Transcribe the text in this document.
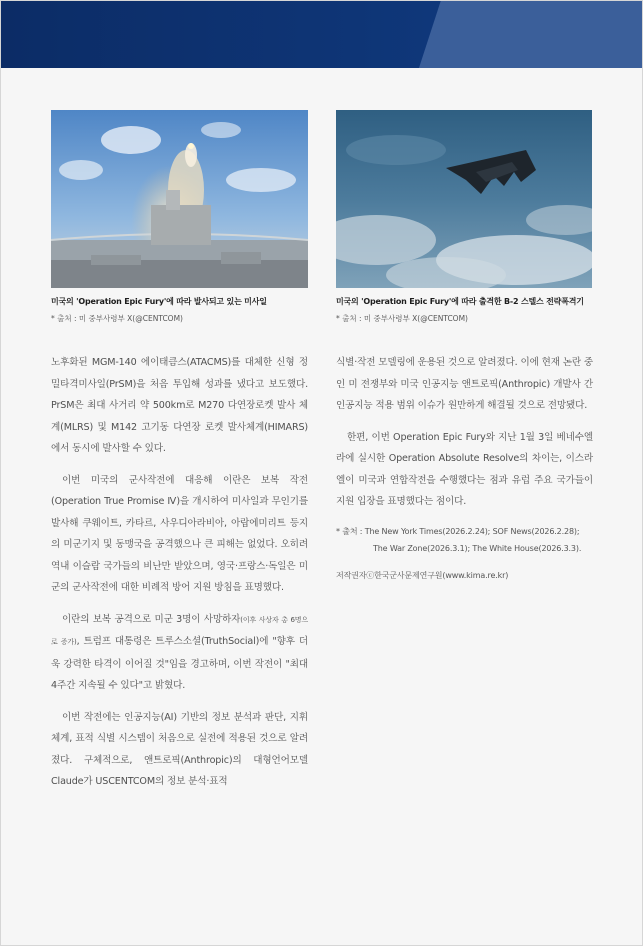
미국의 'Operation Epic Fury'에 따라 발사되고 있는 미사일
* 출처 : 미 중부사령부 X(@CENTCOM)
미국의 'Operation Epic Fury'에 따라 출격한 B-2 스텔스 전략폭격기
* 출처 : 미 중부사령부 X(@CENTCOM)

노후화된 MGM-140 에이태큼스(ATACMS)를 대체한 신형 정밀타격미사일(PrSM)을 처음 투입해 성과를 냈다고 보도했다. PrSM은 최대 사거리 약 500km로 M270 다연장로켓 발사 체계(MLRS) 및 M142 고기동 다연장 로켓 발사체계(HIMARS)에서 동시에 발사할 수 있다.

이번 미국의 군사작전에 대응해 이란은 보복 작전(Operation True Promise Ⅳ)을 개시하여 미사일과 무인기를 발사해 쿠웨이트, 카타르, 사우디아라비아, 아랍에미리트 등지의 미군기지 및 동맹국을 공격했으나 큰 피해는 없었다. 오히려 역내 이슬람 국가들의 비난만 받았으며, 영국·프랑스·독일은 미군의 군사작전에 대한 비례적 방어 지원 방침을 표명했다.

이란의 보복 공격으로 미군 3명이 사망하자(이후 사상자 총 6명으로 증가), 트럼프 대통령은 트루스소셜(TruthSocial)에 "향후 더욱 강력한 타격이 이어질 것"임을 경고하며, 이번 작전이 "최대 4주간 지속될 수 있다"고 밝혔다.

이번 작전에는 인공지능(AI) 기반의 정보 분석과 판단, 지휘 체계, 표적 식별 시스템이 처음으로 실전에 적용된 것으로 알려졌다. 구체적으로, 앤트로픽(Anthropic)의 대형언어모델 Claude가 USCENTCOM의 정보 분석·표적

식별·작전 모델링에 운용된 것으로 알려졌다. 이에 현재 논란 중인 미 전쟁부와 미국 인공지능 앤트로픽(Anthropic) 개발사 간 인공지능 적용 범위 이슈가 원만하게 해결될 것으로 전망됐다.

한편, 이번 Operation Epic Fury와 지난 1월 3일 베네수엘라에 실시한 Operation Absolute Resolve의 차이는, 이스라엘이 미국과 연합작전을 수행했다는 점과 유럽 주요 국가들이 지원 입장을 표명했다는 점이다.

* 출처 : The New York Times(2026.2.24); SOF News(2026.2.28);
The War Zone(2026.3.1); The White House(2026.3.3).
저작권자ⓒ한국군사문제연구원(www.kima.re.kr)
